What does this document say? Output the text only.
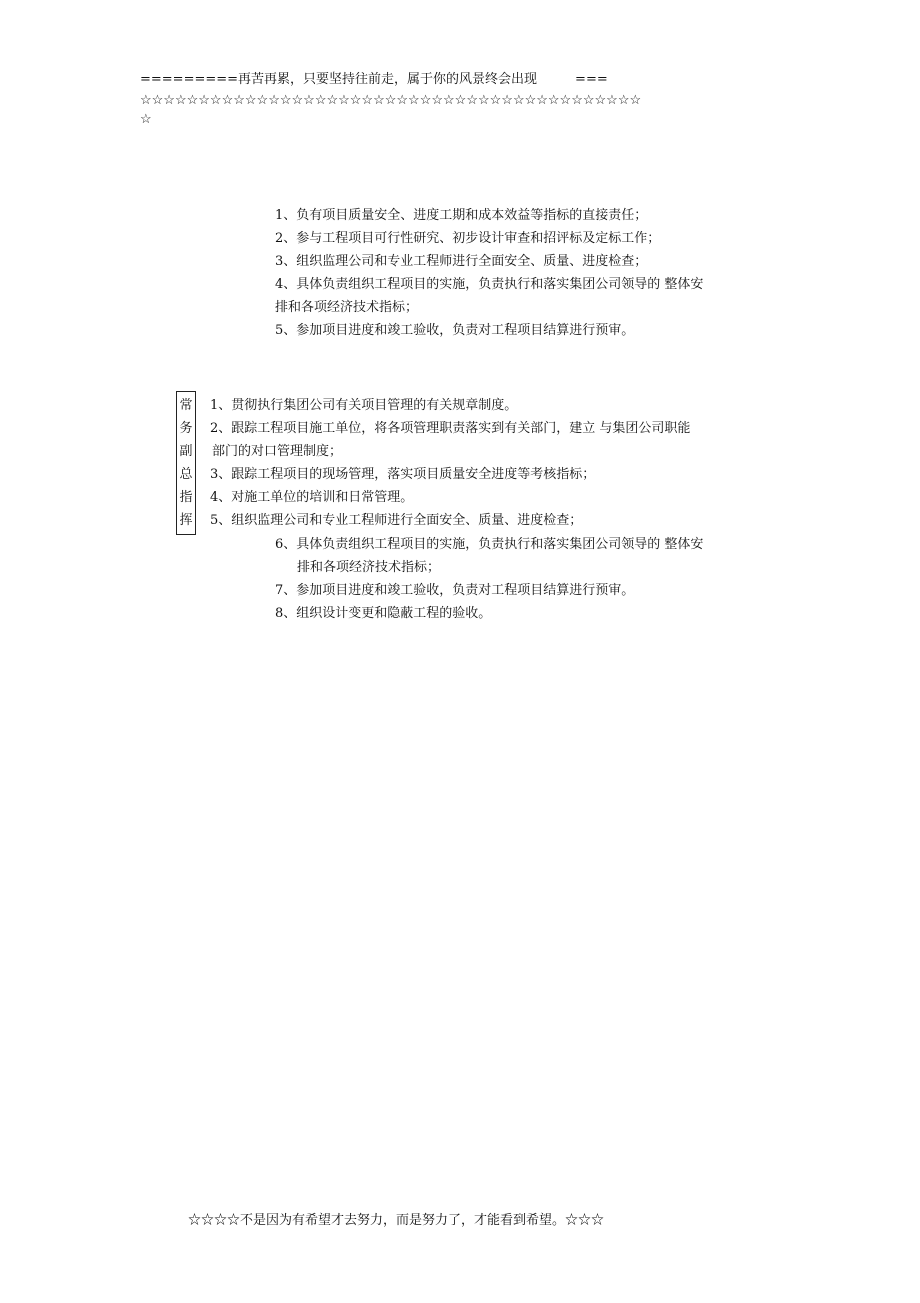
=========再苦再累，只要坚持往前走，属于你的风景终会出现	===
☆☆☆☆☆☆☆☆☆☆☆☆☆☆☆☆☆☆☆☆☆☆☆☆☆☆☆☆☆☆☆☆☆☆☆☆☆☆☆☆☆☆☆
☆
1、负有项目质量安全、进度工期和成本效益等指标的直接责任；
2、参与工程项目可行性研究、初步设计审查和招评标及定标工作；
3、组织监理公司和专业工程师进行全面安全、质量、进度检查；
4、具体负责组织工程项目的实施，负责执行和落实集团公司领导的 整体安
排和各项经济技术指标；
5、参加项目进度和竣工验收，负责对工程项目结算进行预审。
常
务
副
总
指
挥
1、贯彻执行集团公司有关项目管理的有关规章制度。
2、跟踪工程项目施工单位，将各项管理职责落实到有关部门，建立 与集团公司职能
部门的对口管理制度；
3、跟踪工程项目的现场管理，落实项目质量安全进度等考核指标；
4、对施工单位的培训和日常管理。
5、组织监理公司和专业工程师进行全面安全、质量、进度检查；
6、具体负责组织工程项目的实施，负责执行和落实集团公司领导的 整体安
排和各项经济技术指标；
7、参加项目进度和竣工验收，负责对工程项目结算进行预审。
8、组织设计变更和隐蔽工程的验收。
☆☆☆☆不是因为有希望才去努力，而是努力了，才能看到希望。☆☆☆
